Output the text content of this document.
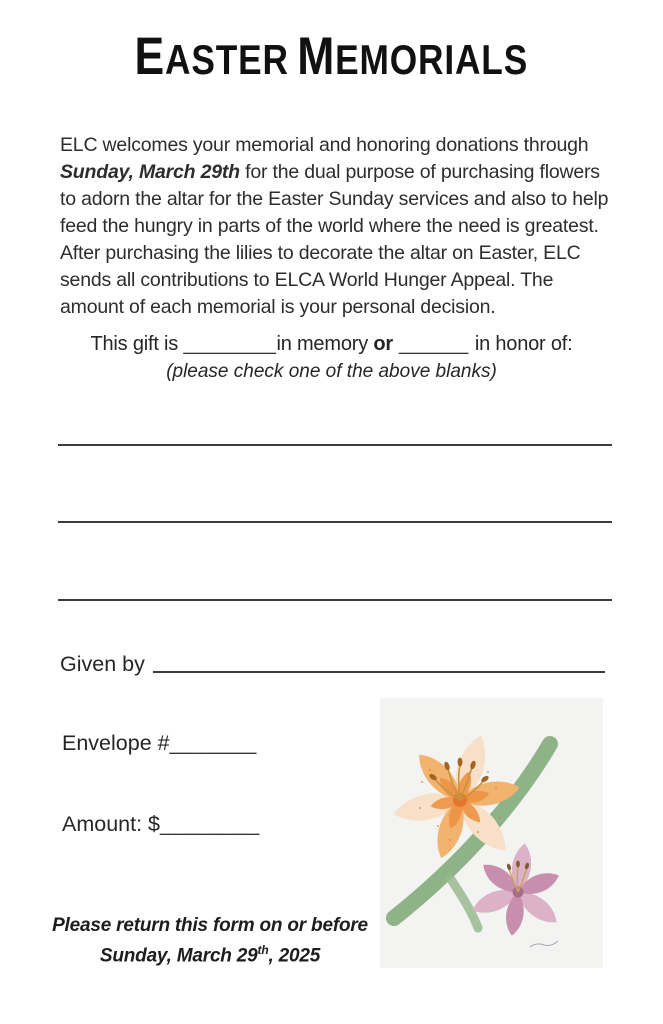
EASTER MEMORIALS

ELC welcomes your memorial and honoring donations through Sunday, March 29th for the dual purpose of purchasing flowers to adorn the altar for the Easter Sunday services and also to help feed the hungry in parts of the world where the need is greatest. After purchasing the lilies to decorate the altar on Easter, ELC sends all contributions to ELCA World Hunger Appeal. The amount of each memorial is your personal decision.

This gift is ________in memory or ______ in honor of:
(please check one of the above blanks)
Given by
Envelope #_______
Amount: $________
Please return this form on or before
Sunday, March 29th, 2025
